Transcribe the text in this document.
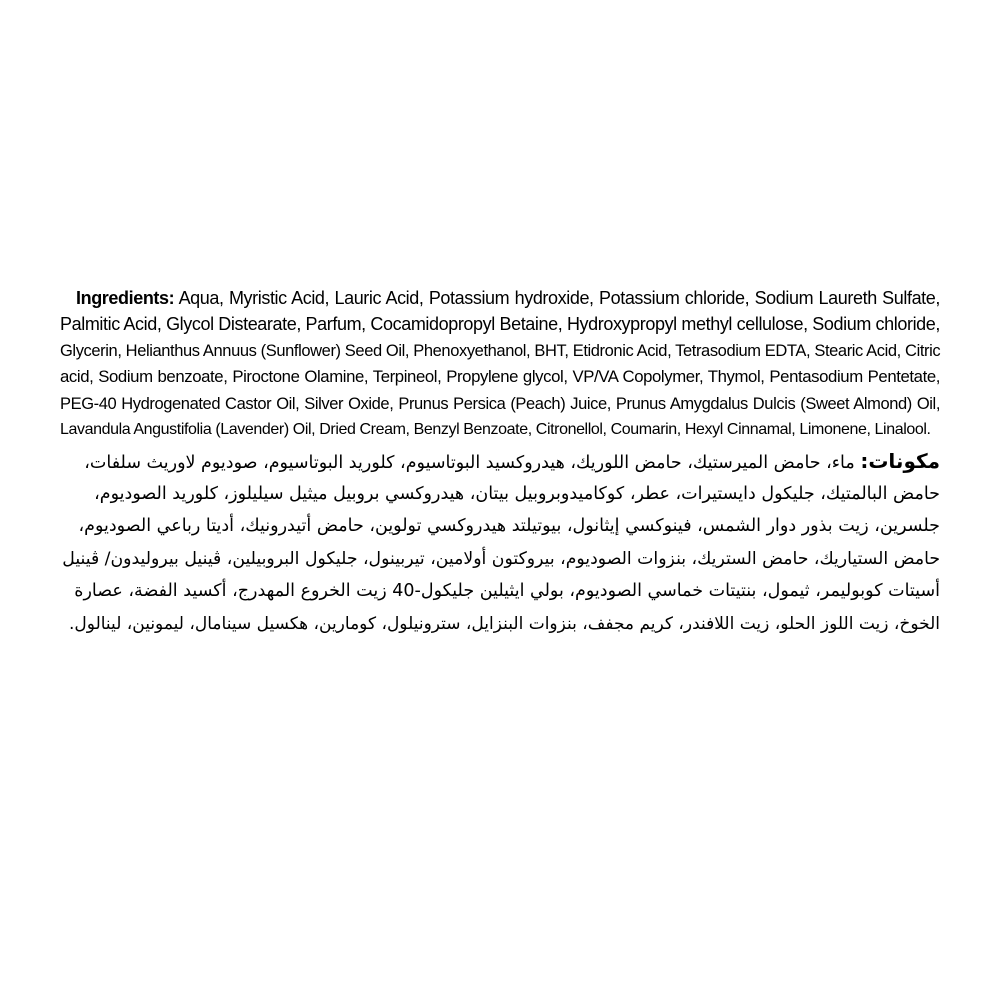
Ingredients: Aqua, Myristic Acid, Lauric Acid, Potassium hydroxide, Potassium chloride, Sodium Laureth Sulfate,
Palmitic Acid, Glycol Distearate, Parfum, Cocamidopropyl Betaine, Hydroxypropyl methyl cellulose, Sodium chloride,
Glycerin, Helianthus Annuus (Sunflower) Seed Oil, Phenoxyethanol, BHT, Etidronic Acid, Tetrasodium EDTA, Stearic Acid, Citric
acid, Sodium benzoate, Piroctone Olamine, Terpineol, Propylene glycol, VP/VA Copolymer, Thymol, Pentasodium Pentetate,
PEG-40 Hydrogenated Castor Oil, Silver Oxide, Prunus Persica (Peach) Juice, Prunus Amygdalus Dulcis (Sweet Almond) Oil,
Lavandula Angustifolia (Lavender) Oil, Dried Cream, Benzyl Benzoate, Citronellol, Coumarin, Hexyl Cinnamal, Limonene, Linalool.
مكونات: ماء، حامض الميرستيك، حامض اللوريك، هيدروكسيد البوتاسيوم، كلوريد البوتاسيوم، صوديوم لاوريث سلفات،
حامض البالمتيك، جليكول دايستيرات، عطر، كوكاميدوبروبيل بيتان، هيدروكسي بروبيل ميثيل سيليلوز، كلوريد الصوديوم،
جلسرين، زيت بذور دوار الشمس، فينوكسي إيثانول، بيوتيلتد هيدروكسي تولوين، حامض أتيدرونيك، أديتا رباعي الصوديوم،
حامض الستياريك، حامض الستريك، بنزوات الصوديوم، بيروكتون أولامين، تيربينول، جليكول البروبيلين، ڤينيل بيروليدون/ ڤينيل
أسيتات كوبوليمر، ثيمول، بنتيتات خماسي الصوديوم، بولي ايثيلين جليكول-40 زيت الخروع المهدرج، أكسيد الفضة، عصارة
الخوخ، زيت اللوز الحلو، زيت اللافندر، كريم مجفف، بنزوات البنزايل، سترونيلول، كومارين، هكسيل سينامال، ليمونين، لينالول.
